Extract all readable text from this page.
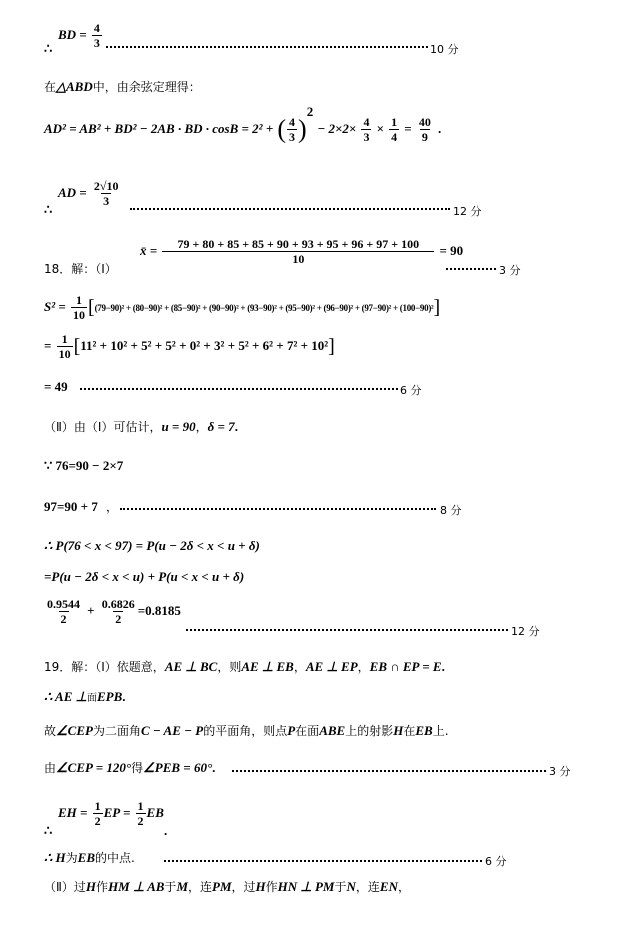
BD = $\frac{4}{3}$
∴	10 分
在△ABD中，由余弦定理得：
AD² = AB² + BD² − 2AB · BD · cosB = 2² + ( $\frac{4}{3} )^2 - 2\times 2\times \frac{4}{3} \times \frac{1}{4} = \frac{40}{9}$ .
AD = $\frac{2√10}{3}$
∴	12 分
x̄ = $\frac{79 + 80 + 85 + 85 + 90 + 93 + 95 + 96 + 97 + 100}{10} = 90$
18．解：（Ⅰ）	3 分
$S^2 = \frac{1}{10} [(79-90)^2 + (80-90)^2 + (85-90)^2 + (90-90)^2 + (93-90)^2 + (95-90)^2 + (96-90)^2 + (97-90)^2 + (100-90)^2]$
= $\frac{1}{10} [11^2 + 10^2 + 5^2 + 5^2 + 0^2 + 3^2 + 5^2 + 6^2 + 7^2 + 10^2]$
= 49	6 分
（Ⅱ）由（Ⅰ）可估计，u = 90，δ = 7.
∵ 76=90 − 2×7
97=90 + 7 ，	8 分
∴ P(76 < x < 97) = P(u − 2δ < x < u + δ)
=P(u − 2δ < x < u) + P(u < x < u + δ)
$\frac{0.9544}{2} + \frac{0.6826}{2} =0.8185$
12 分
19．解：（Ⅰ）依题意，AE ⊥ BC，则AE ⊥ EB，AE ⊥ EP，EB ∩ EP = E.
∴ AE ⊥面EPB.
故∠CEP为二面角C − AE − P的平面角，则点P在面ABE上的射影H在EB上.
由∠CEP = 120°得∠PEB = 60°.	3 分
EH = $\frac{1}{2}$ EP = $\frac{1}{2}$ EB
∴	.
∴ H为EB的中点.	6 分
（Ⅱ）过H作HM ⊥ AB于M，连PM，过H作HN ⊥ PM于N，连EN，
